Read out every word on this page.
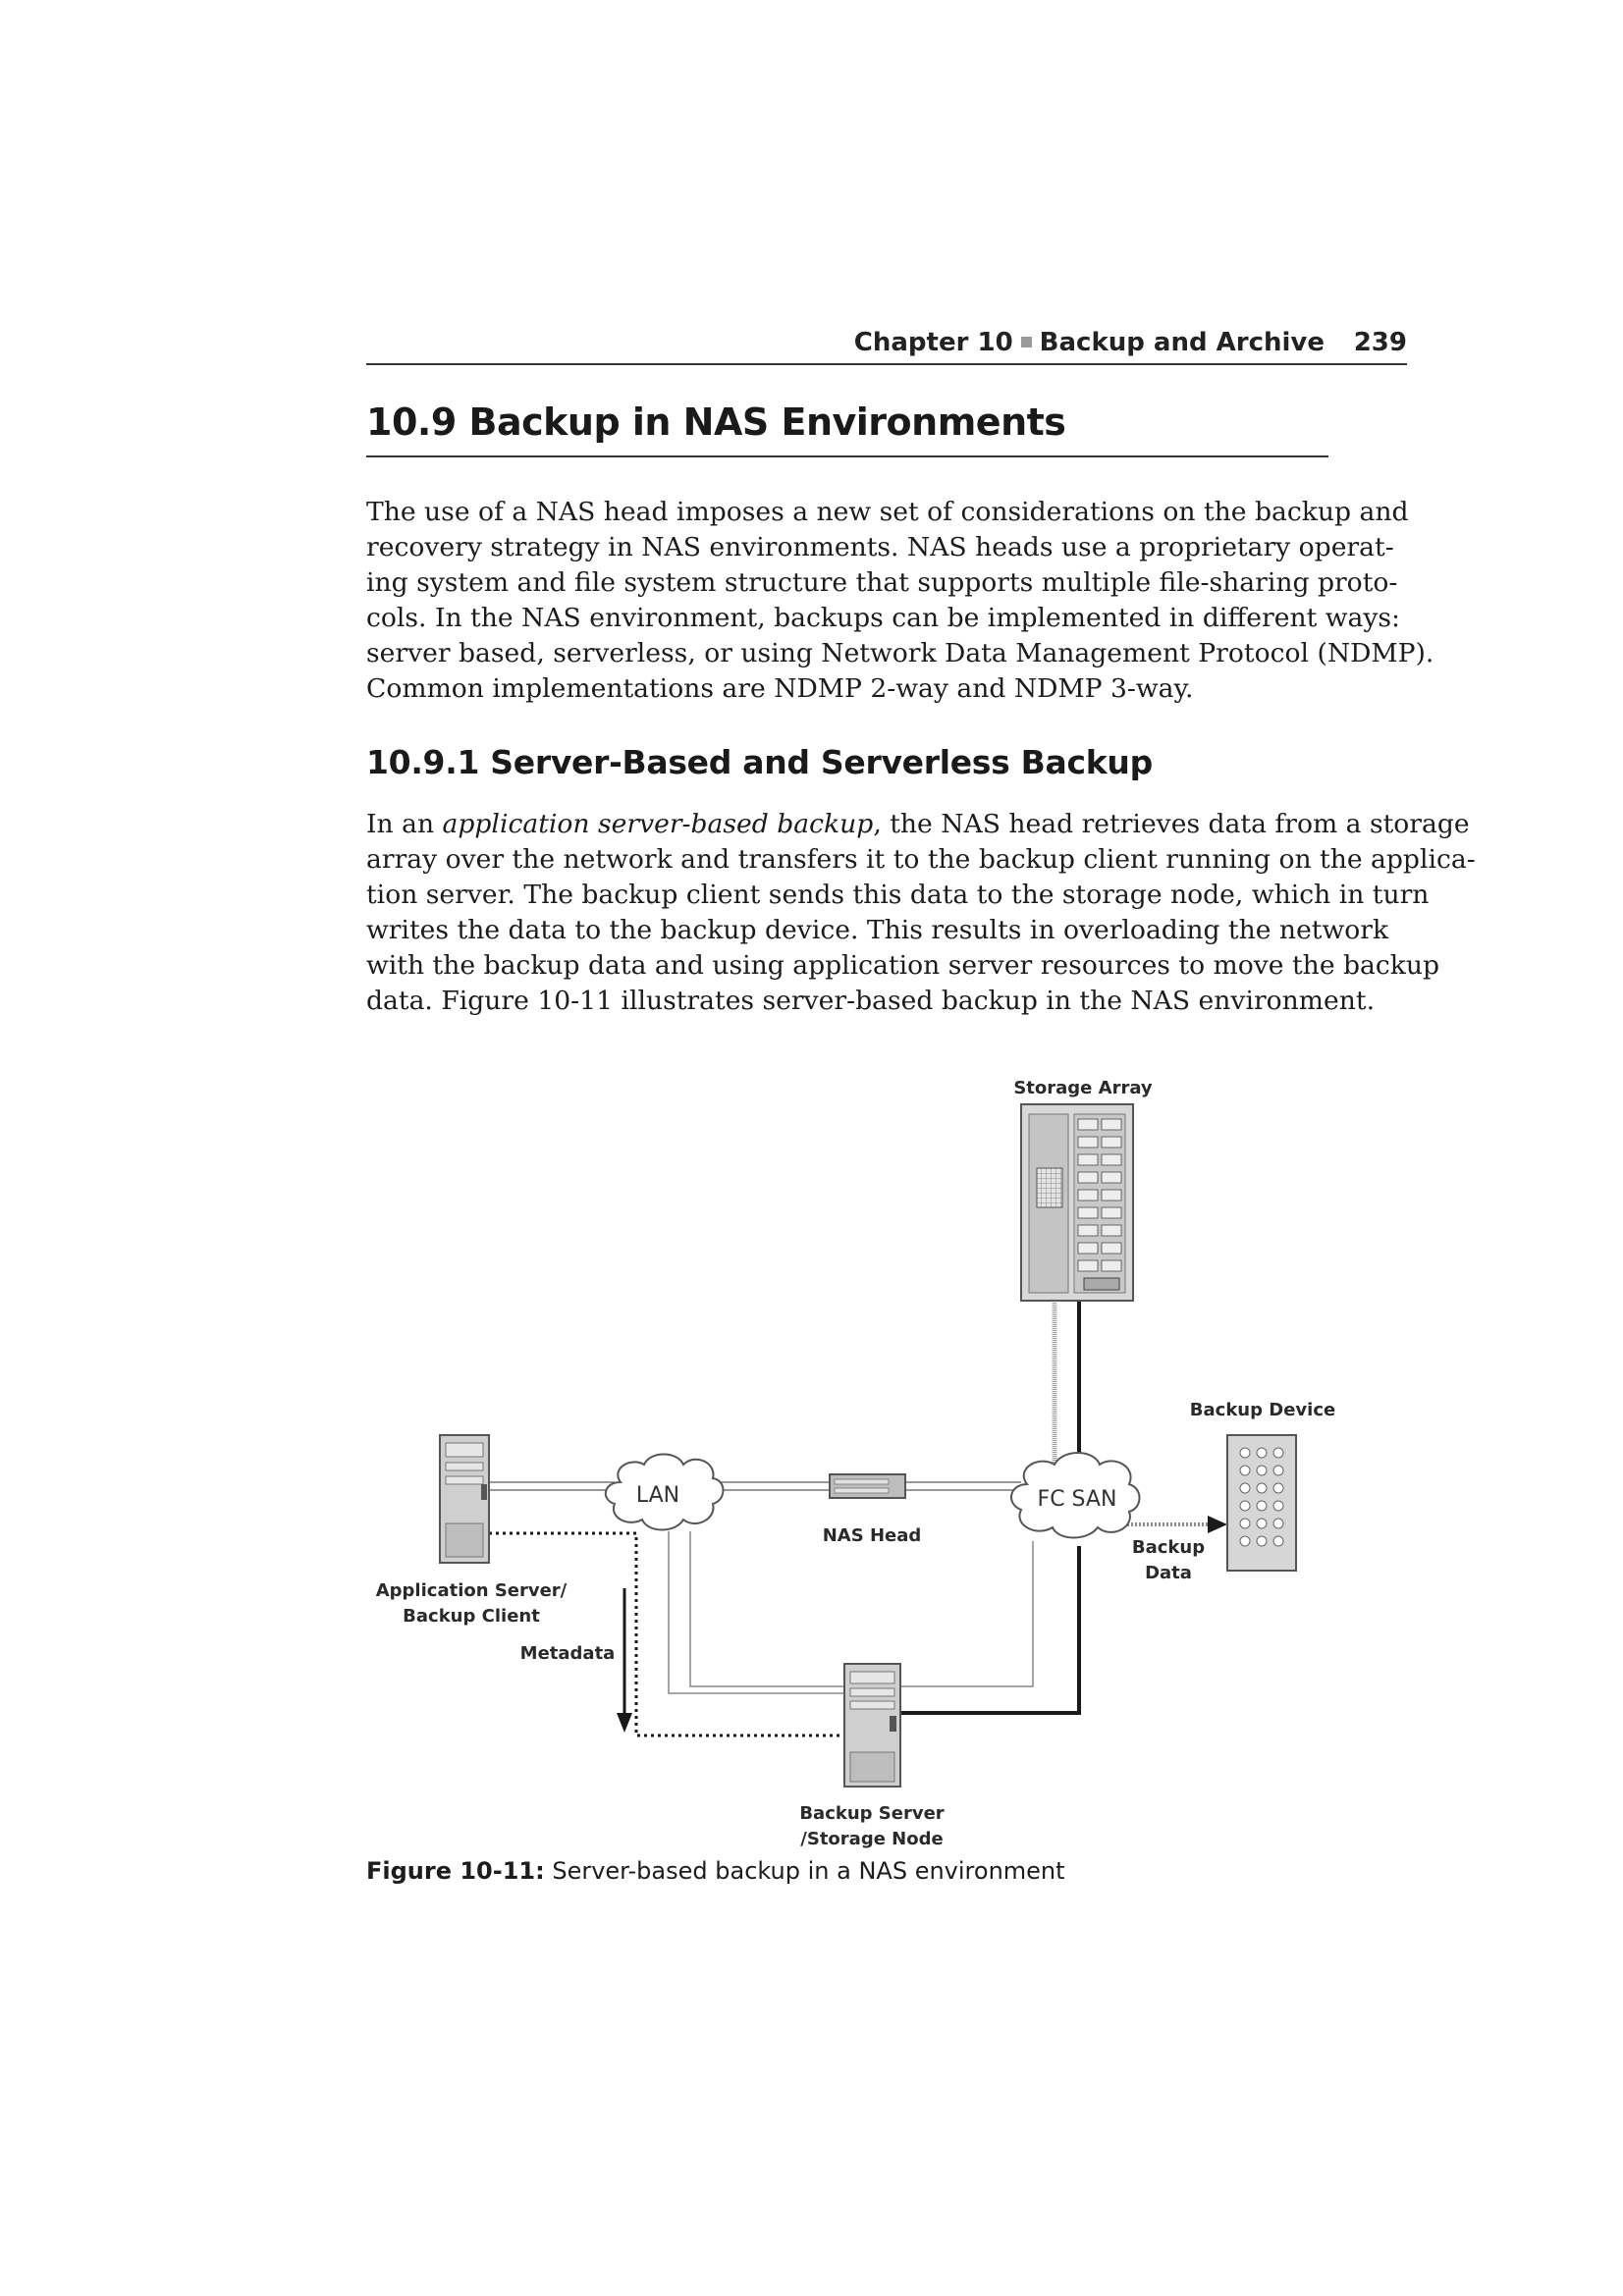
Chapter 10 Backup and Archive 239
10.9 Backup in NAS Environments
The use of a NAS head imposes a new set of considerations on the backup and
recovery strategy in NAS environments. NAS heads use a proprietary operat-
ing system and file system structure that supports multiple file-sharing proto-
cols. In the NAS environment, backups can be implemented in different ways:
server based, serverless, or using Network Data Management Protocol (NDMP).
Common implementations are NDMP 2-way and NDMP 3-way.
10.9.1 Server-Based and Serverless Backup
In an application server-based backup, the NAS head retrieves data from a storage
array over the network and transfers it to the backup client running on the applica-
tion server. The backup client sends this data to the storage node, which in turn
writes the data to the backup device. This results in overloading the network
with the backup data and using application server resources to move the backup
data. Figure 10-11 illustrates server-based backup in the NAS environment.
LAN	FC SAN
Storage Array
Backup Device
NAS Head
Backup
Data
Application Server/
Backup Client
Metadata
Backup Server
/Storage Node
Figure 10-11: Server-based backup in a NAS environment
